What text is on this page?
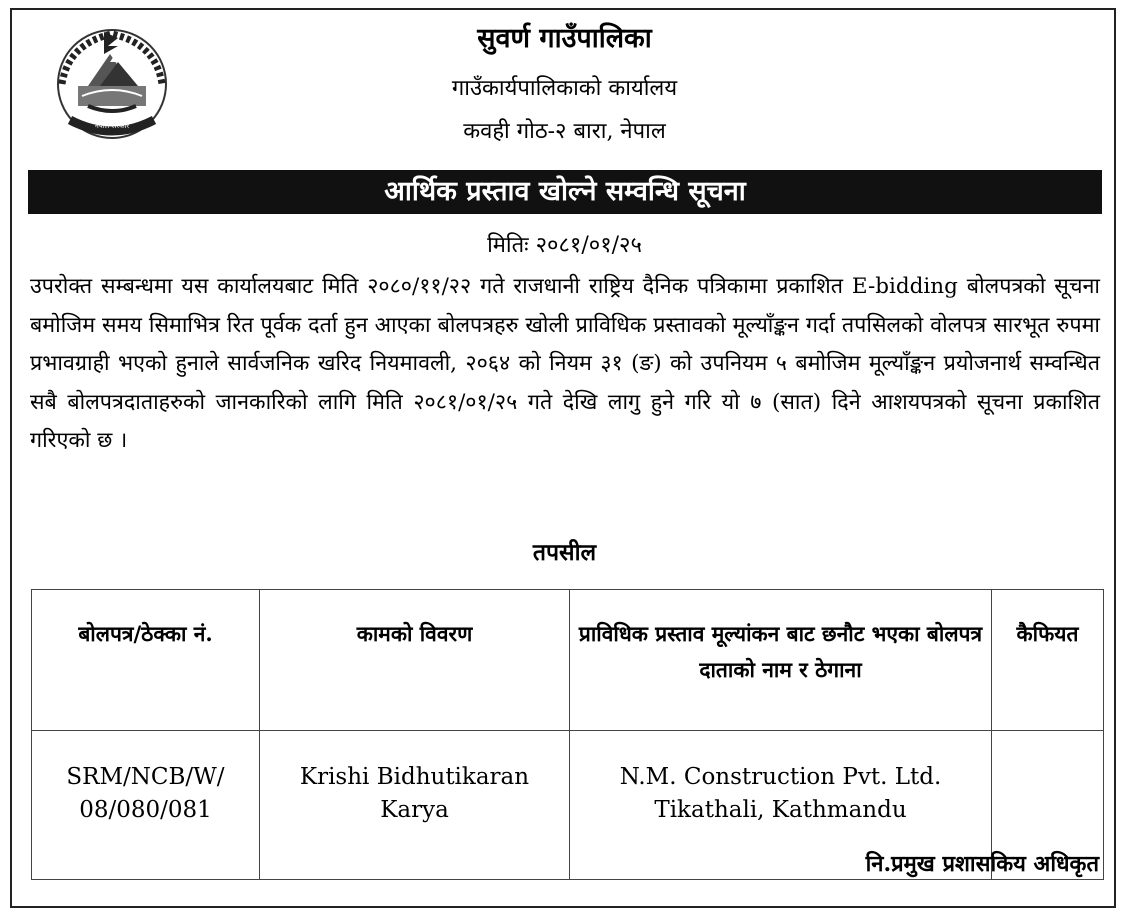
नेपाल सरकार
सुवर्ण गाउँपालिका
गाउँकार्यपालिकाको कार्यालय
कवही गोठ-२ बारा, नेपाल
आर्थिक प्रस्ताव खोल्ने सम्वन्धि सूचना
मितिः २०८१/०१/२५

उपरोक्त सम्बन्धमा यस कार्यालयबाट मिति २०८०/११/२२ गते राजधानी राष्ट्रिय दैनिक पत्रिकामा प्रकाशित E-bidding बोलपत्रको सूचना बमोजिम समय सिमाभित्र रित पूर्वक दर्ता हुन आएका बोलपत्रहरु खोली प्राविधिक प्रस्तावको मूल्याँङ्कन गर्दा तपसिलको वोलपत्र सारभूत रुपमा प्रभावग्राही भएको हुनाले सार्वजनिक खरिद नियमावली, २०६४ को नियम ३१ (ङ) को उपनियम ५ बमोजिम मूल्याँङ्कन प्रयोजनार्थ सम्वन्धित सबै बोलपत्रदाताहरुको जानकारिको लागि मिति २०८१/०१/२५ गते देखि लागु हुने गरि यो ७ (सात) दिने आशयपत्रको सूचना प्रकाशित गरिएको छ ।

तपसील
बोलपत्र/ठेक्का नं.	कामको विवरण	प्राविधिक प्रस्ताव मूल्यांकन बाट छनौट भएका बोलपत्र दाताको नाम र ठेगाना	कैफियत
SRM/NCB/W/ 08/080/081	Krishi Bidhutikaran Karya	N.M. Construction Pvt. Ltd. Tikathali, Kathmandu	
नि.प्रमुख प्रशासकिय अधिकृत
